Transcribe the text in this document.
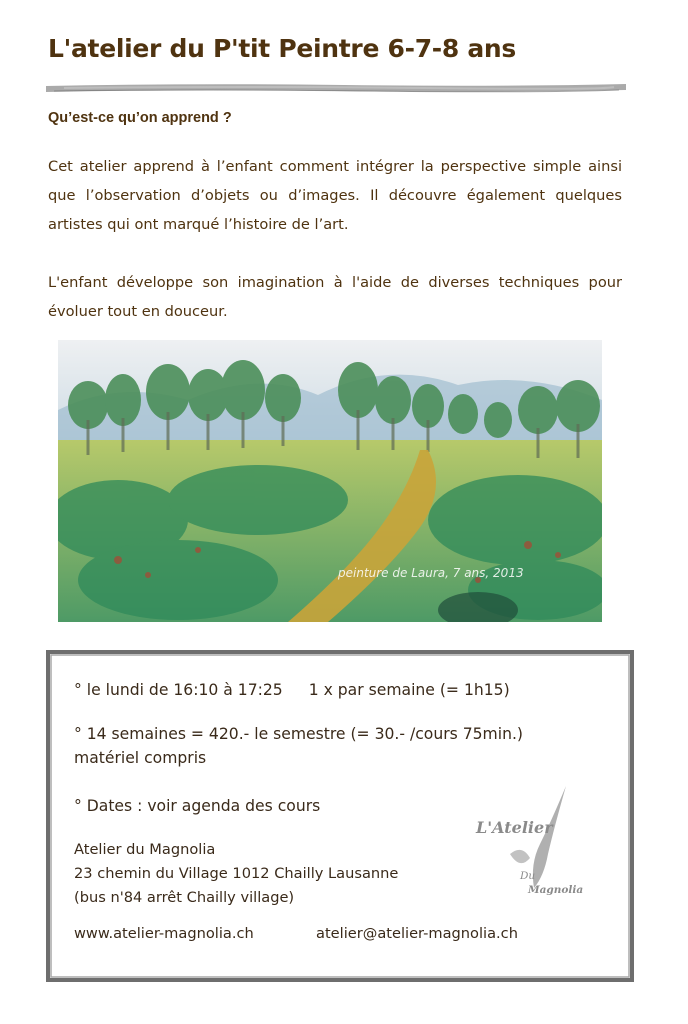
L'atelier du P'tit Peintre 6-7-8 ans
Qu’est-ce qu’on apprend ?

Cet atelier apprend à l’enfant comment intégrer la perspective simple ainsi que l’observation d’objets ou d’images. Il découvre également quelques artistes qui ont marqué l’histoire de l’art.

L'enfant développe son imagination à l'aide de diverses techniques pour évoluer tout en douceur.

peinture de Laura, 7 ans, 2013

° le lundi de 16:10 à 17:25 1 x par semaine (= 1h15)

° 14 semaines = 420.- le semestre (= 30.- /cours 75min.)
matériel compris

° Dates : voir agenda des cours

Atelier du Magnolia
23 chemin du Village 1012 Chailly Lausanne
(bus n'84 arrêt Chailly village)
www.atelier-magnolia.ch	atelier@atelier-magnolia.ch
L'Atelier
Du
Magnolia
